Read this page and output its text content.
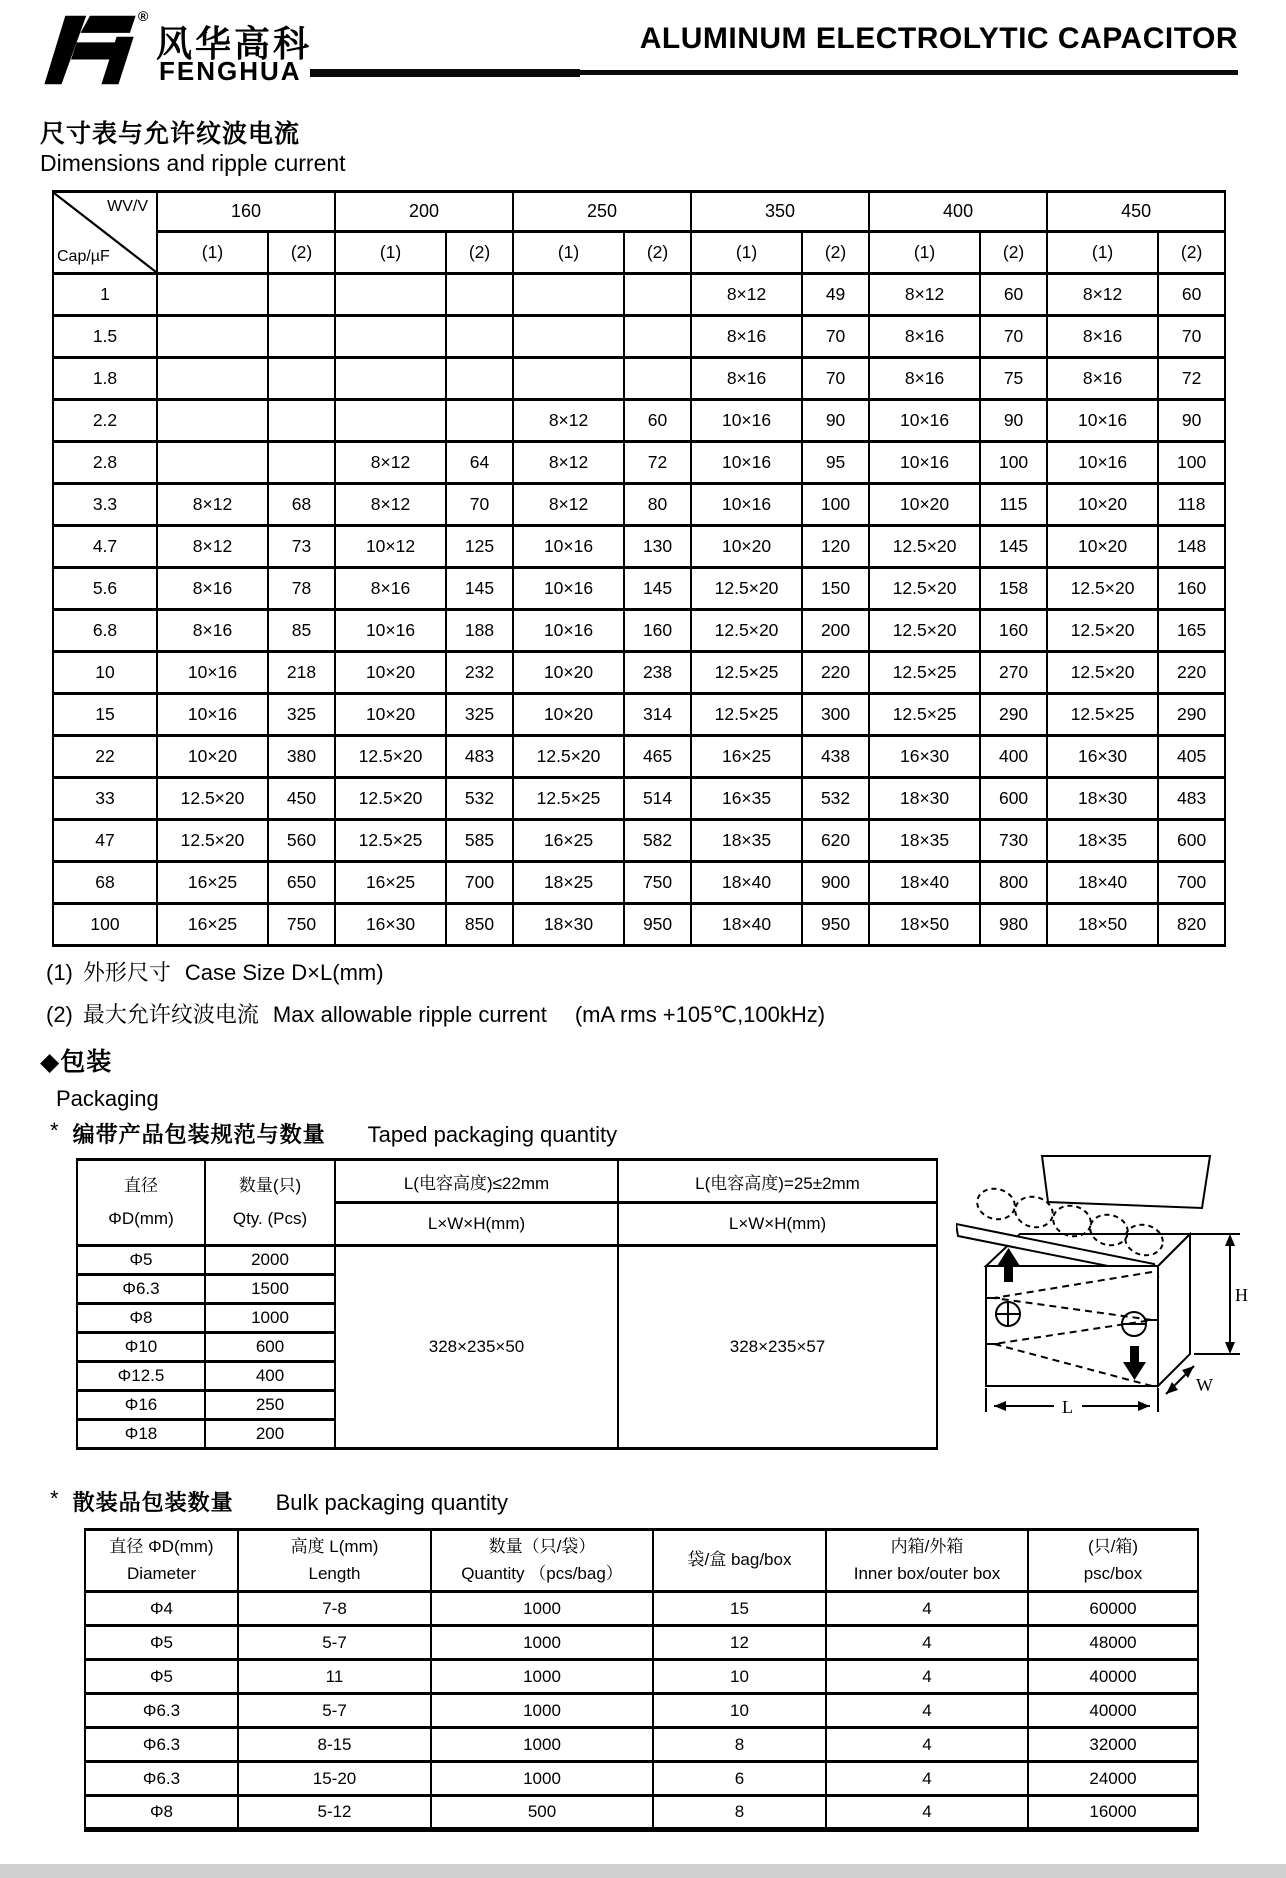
®
风华高科
FENGHUA
ALUMINUM ELECTROLYTIC CAPACITOR
尺寸表与允许纹波电流
Dimensions and ripple current
WV/V
Cap/µF	160		200		250		350		400		450	
	(1)	(2)	(1)	(2)	(1)	(2)	(1)	(2)	(1)	(2)	(1)	(2)
1							8×12	49	8×12	60	8×12	60
1.5							8×16	70	8×16	70	8×16	70
1.8							8×16	70	8×16	75	8×16	72
2.2					8×12	60	10×16	90	10×16	90	10×16	90
2.8			8×12	64	8×12	72	10×16	95	10×16	100	10×16	100
3.3	8×12	68	8×12	70	8×12	80	10×16	100	10×20	115	10×20	118
4.7	8×12	73	10×12	125	10×16	130	10×20	120	12.5×20	145	10×20	148
5.6	8×16	78	8×16	145	10×16	145	12.5×20	150	12.5×20	158	12.5×20	160
6.8	8×16	85	10×16	188	10×16	160	12.5×20	200	12.5×20	160	12.5×20	165
10	10×16	218	10×20	232	10×20	238	12.5×25	220	12.5×25	270	12.5×20	220
15	10×16	325	10×20	325	10×20	314	12.5×25	300	12.5×25	290	12.5×25	290
22	10×20	380	12.5×20	483	12.5×20	465	16×25	438	16×30	400	16×30	405
33	12.5×20	450	12.5×20	532	12.5×25	514	16×35	532	18×30	600	18×30	483
47	12.5×20	560	12.5×25	585	16×25	582	18×35	620	18×35	730	18×35	600
68	16×25	650	16×25	700	18×25	750	18×40	900	18×40	800	18×40	700
100	16×25	750	16×30	850	18×30	950	18×40	950	18×50	980	18×50	820
(1) 外形尺寸 Case Size D×L(mm)
(2) 最大允许纹波电流 Max allowable ripple current (mA rms +105℃,100kHz)
◆包装
Packaging
* 编带产品包装规范与数量 Taped packaging quantity
直径
ΦD(mm)

数量(只)
Qty. (Pcs)
	L(电容高度)≤22mm	L(电容高度)=25±2mm
		L×W×H(mm)	L×W×H(mm)
Φ5	2000	328×235×50	328×235×57
Φ6.3	1500		
Φ8	1000		
Φ10	600		
Φ12.5	400		
Φ16	250		
Φ18	200		
H
W
L
* 散装品包装数量 Bulk packaging quantity
直径 ΦD(mm)
Diameter

高度 L(mm)
Length

数量（只/袋）
Quantity （pcs/bag）

袋/盒 bag/box

内箱/外箱
Inner box/outer box

(只/箱)
psc/box

Φ4	7-8	1000	15	4	60000
Φ5	5-7	1000	12	4	48000
Φ5	11	1000	10	4	40000
Φ6.3	5-7	1000	10	4	40000
Φ6.3	8-15	1000	8	4	32000
Φ6.3	15-20	1000	6	4	24000
Φ8	5-12	500	8	4	16000
